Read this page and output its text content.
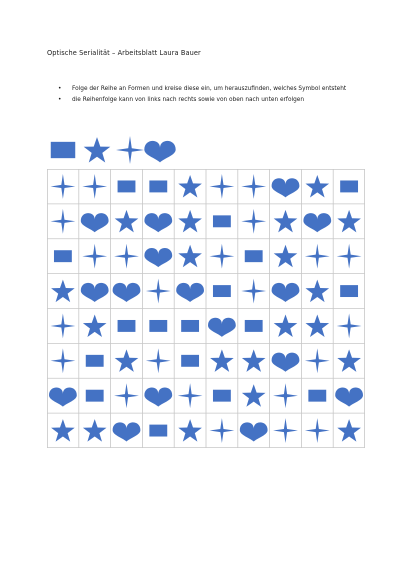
Optische Serialität – Arbeitsblatt Laura Bauer
• Folge der Reihe an Formen und kreise diese ein, um herauszufinden, welches Symbol entsteht
• die Reihenfolge kann von links nach rechts sowie von oben nach unten erfolgen
